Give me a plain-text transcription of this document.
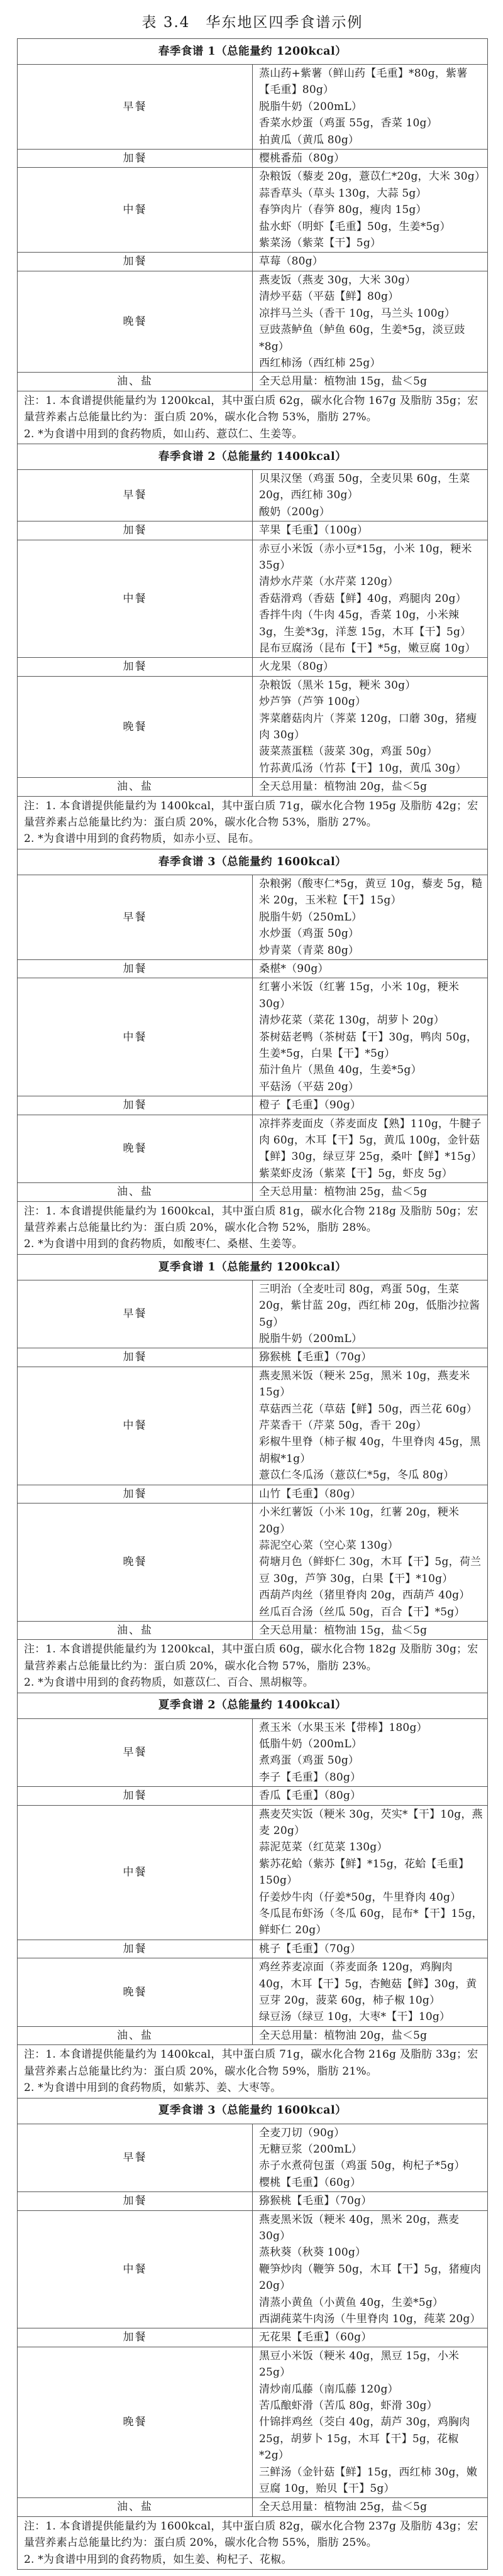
表 3.4　华东地区四季食谱示例
春季食谱 1（总能量约 1200kcal）	
早餐	蒸山药+紫薯（鲜山药【毛重】*80g，紫薯【毛重】80g）
脱脂牛奶（200mL）
香菜水炒蛋（鸡蛋 55g，香菜 10g）
拍黄瓜（黄瓜 80g）

加餐	樱桃番茄（80g）

中餐	杂粮饭（藜麦 20g，薏苡仁*20g，大米 30g）
蒜香草头（草头 130g，大蒜 5g）
春笋肉片（春笋 80g，瘦肉 15g）
盐水虾（明虾【毛重】50g，生姜*5g）
紫菜汤（紫菜【干】5g）

加餐	草莓（80g）

晚餐	燕麦饭（燕麦 30g，大米 30g）
清炒平菇（平菇【鲜】80g）
凉拌马兰头（香干 10g，马兰头 100g）
豆豉蒸鲈鱼（鲈鱼 60g，生姜*5g，淡豆豉*8g）
西红柿汤（西红柿 25g）

油、盐	全天总用量：植物油 15g，盐＜5g

注：1. 本食谱提供能量约为 1200kcal，其中蛋白质 62g，碳水化合物 167g 及脂肪 35g；宏量营养素占总能量比约为：蛋白质 20%，碳水化合物 53%，脂肪 27%。
2. *为食谱中用到的食药物质，如山药、薏苡仁、生姜等。	

春季食谱 2（总能量约 1400kcal）	
早餐	贝果汉堡（鸡蛋 50g，全麦贝果 60g，生菜 20g，西红柿 30g）
酸奶（200g）

加餐	苹果【毛重】（100g）

中餐	赤豆小米饭（赤小豆*15g，小米 10g，粳米 35g）
清炒水芹菜（水芹菜 120g）
香菇滑鸡（香菇【鲜】40g，鸡腿肉 20g）
香拌牛肉（牛肉 45g，香菜 10g，小米辣 3g，生姜*3g，洋葱 15g，木耳【干】5g）
昆布豆腐汤（昆布【干】*5g，嫩豆腐 10g）

加餐	火龙果（80g）

晚餐	杂粮饭（黑米 15g，粳米 30g）
炒芦笋（芦笋 100g）
荠菜蘑菇肉片（荠菜 120g，口蘑 30g，猪瘦肉 30g）
菠菜蒸蛋糕（菠菜 30g，鸡蛋 50g）
竹荪黄瓜汤（竹荪【干】10g，黄瓜 30g）

油、盐	全天总用量：植物油 20g，盐＜5g

注：1. 本食谱提供能量约为 1400kcal，其中蛋白质 71g，碳水化合物 195g 及脂肪 42g；宏量营养素占总能量比约为：蛋白质 20%，碳水化合物 53%，脂肪 27%。
2. *为食谱中用到的食药物质，如赤小豆、昆布。	

春季食谱 3（总能量约 1600kcal）	
早餐	杂粮粥（酸枣仁*5g，黄豆 10g，藜麦 5g，糙米 20g，玉米粒【干】15g）
脱脂牛奶（250mL）
水炒蛋（鸡蛋 50g）
炒青菜（青菜 80g）

加餐	桑椹*（90g）

中餐	红薯小米饭（红薯 15g，小米 10g，粳米 30g）
清炒花菜（菜花 130g，胡萝卜 20g）
茶树菇老鸭（茶树菇【干】30g，鸭肉 50g，生姜*5g，白果【干】*5g）
茄汁鱼片（黑鱼 40g，生姜*5g）
平菇汤（平菇 20g）

加餐	橙子【毛重】（90g）

晚餐	凉拌荞麦面皮（荞麦面皮【熟】110g，牛腱子肉 60g，木耳【干】5g，黄瓜 100g，金针菇【鲜】30g，绿豆芽 25g，桑叶【鲜】*15g）
紫菜虾皮汤（紫菜【干】5g，虾皮 5g）

油、盐	全天总用量：植物油 25g，盐＜5g

注：1. 本食谱提供能量约为 1600kcal，其中蛋白质 81g，碳水化合物 218g 及脂肪 50g；宏量营养素占总能量比约为：蛋白质 20%，碳水化合物 52%，脂肪 28%。
2. *为食谱中用到的食药物质，如酸枣仁、桑椹、生姜等。	

夏季食谱 1（总能量约 1200kcal）	
早餐	三明治（全麦吐司 80g，鸡蛋 50g，生菜 20g，紫甘蓝 20g，西红柿 20g，低脂沙拉酱 5g）
脱脂牛奶（200mL）

加餐	猕猴桃【毛重】（70g）

中餐	燕麦黑米饭（粳米 25g，黑米 10g，燕麦米 15g）
草菇西兰花（草菇【鲜】50g，西兰花 60g）
芹菜香干（芹菜 50g，香干 20g）
彩椒牛里脊（柿子椒 40g，牛里脊肉 45g，黑胡椒*1g）
薏苡仁冬瓜汤（薏苡仁*5g，冬瓜 80g）

加餐	山竹【毛重】（80g）

晚餐	小米红薯饭（小米 10g，红薯 20g，粳米 20g）
蒜泥空心菜（空心菜 130g）
荷塘月色（鲜虾仁 30g，木耳【干】5g，荷兰豆 30g，芦笋 30g，白果【干】*10g）
西葫芦肉丝（猪里脊肉 20g，西葫芦 40g）
丝瓜百合汤（丝瓜 50g，百合【干】*5g）

油、盐	全天总用量：植物油 15g，盐＜5g

注：1. 本食谱提供能量约为 1200kcal，其中蛋白质 60g，碳水化合物 182g 及脂肪 30g；宏量营养素占总能量比约为：蛋白质 20%，碳水化合物 57%，脂肪 23%。
2. *为食谱中用到的食药物质，如薏苡仁、百合、黑胡椒等。	

夏季食谱 2（总能量约 1400kcal）	
早餐	煮玉米（水果玉米【带棒】180g）
低脂牛奶（200mL）
煮鸡蛋（鸡蛋 50g）
李子【毛重】（80g）

加餐	香瓜【毛重】（80g）

中餐	燕麦芡实饭（粳米 30g，芡实*【干】10g，燕麦 20g）
蒜泥苋菜（红苋菜 130g）
紫苏花蛤（紫苏【鲜】*15g，花蛤【毛重】150g）
仔姜炒牛肉（仔姜*50g，牛里脊肉 40g）
冬瓜昆布虾汤（冬瓜 60g，昆布*【干】15g，鲜虾仁 20g）

加餐	桃子【毛重】（70g）

晚餐	鸡丝荞麦凉面（荞麦面条 120g，鸡胸肉 40g，木耳【干】5g，杏鲍菇【鲜】30g，黄豆芽 20g，菠菜 60g，柿子椒 10g）
绿豆汤（绿豆 10g，大枣*【干】10g）

油、盐	全天总用量：植物油 20g，盐＜5g

注：1. 本食谱提供能量约为 1400kcal，其中蛋白质 71g，碳水化合物 216g 及脂肪 33g；宏量营养素占总能量比约为：蛋白质 20%，碳水化合物 59%，脂肪 21%。
2. *为食谱中用到的食药物质，如紫苏、姜、大枣等。	

夏季食谱 3（总能量约 1600kcal）	
早餐	全麦刀切（90g）
无糖豆浆（200mL）
赤子水煮荷包蛋（鸡蛋 50g，枸杞子*5g）
樱桃【毛重】（60g）

加餐	猕猴桃【毛重】（70g）

中餐	燕麦黑米饭（粳米 40g，黑米 20g，燕麦 30g）
蒸秋葵（秋葵 100g）
鞭笋炒肉（鞭笋 50g，木耳【干】5g，猪瘦肉 20g）
清蒸小黄鱼（小黄鱼 40g，生姜*5g）
西湖莼菜牛肉汤（牛里脊肉 10g，莼菜 20g）

加餐	无花果【毛重】（60g）

晚餐	黑豆小米饭（粳米 40g，黑豆 15g，小米 25g）
清炒南瓜藤（南瓜藤 120g）
苦瓜酿虾滑（苦瓜 80g，虾滑 30g）
什锦拌鸡丝（茭白 40g，葫芦 30g，鸡胸肉 25g，胡萝卜 15g，木耳【干】5g，花椒*2g）
三鲜汤（金针菇【鲜】15g，西红柿 30g，嫩豆腐 10g，贻贝【干】5g）

油、盐	全天总用量：植物油 25g，盐＜5g

注：1. 本食谱提供能量约为 1600kcal，其中蛋白质 82g，碳水化合物 237g 及脂肪 43g；宏量营养素占总能量比约为：蛋白质 20%，碳水化合物 55%，脂肪 25%。
2. *为食谱中用到的食药物质，如生姜、枸杞子、花椒。	
